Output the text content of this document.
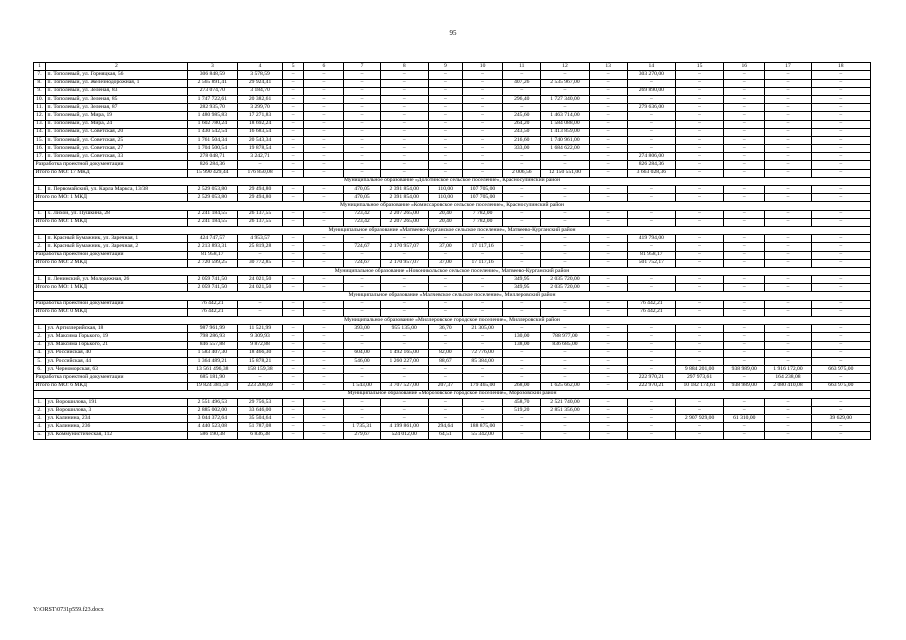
95
1	2	3	4	5	6	7	8	9	10	11	12	13	14	15	16	17	18
7.	п. Тополевый, ул. Горняцкая, 56	306 848,59	3 578,59	–	–	–	–	–	–	–	–	–	303 270,00	–	–	–	–
8.	п. Тополевый, ул. Железнодорожная, 1	2 565 891,41	29 924,41	–	–	–	–	–	–	407,26	2 535 967,00	–	–	–	–	–	–
9.	п. Тополевый, ул. Зеленая, 83	273 074,70	3 184,70	–	–	–	–	–	–	–	–	–	269 890,00	–	–	–	–
10.	п. Тополевый, ул. Зеленая, 85	1 747 722,61	20 382,61	–	–	–	–	–	–	296,40	1 727 340,00	–	–	–	–	–	–
11.	п. Тополевый, ул. Зеленая, 87	282 935,70	3 299,70	–	–	–	–	–	–	–	–	–	279 636,00	–	–	–	–
12.	п. Тополевый, ул. Мира, 19	1 480 985,83	17 271,83	–	–	–	–	–	–	245,60	1 463 714,00	–	–	–	–	–	–
13.	п. Тополевый, ул. Мира, 24	1 602 780,24	18 692,24	–	–	–	–	–	–	264,20	1 584 088,00	–	–	–	–	–	–
14.	п. Тополевый, ул. Советская, 20	1 430 542,54	16 683,54	–	–	–	–	–	–	243,50	1 413 859,00	–	–	–	–	–	–
15.	п. Тополевый, ул. Советская, 25	1 761 504,34	20 543,34	–	–	–	–	–	–	216,60	1 740 961,00	–	–	–	–	–	–
16.	п. Тополевый, ул. Советская, 27	1 704 500,54	19 878,54	–	–	–	–	–	–	333,00	1 684 622,00	–	–	–	–	–	–
17.	п. Тополевый, ул. Советская, 33	278 048,71	3 242,71	–	–	–	–	–	–	–	–	–	274 806,00	–	–	–	–
Разработка проектной документации		826 284,36	–	–	–	–	–	–	–	–	–	–	826 284,36	–	–	–	–
Итого по МО: 17 МКД		15 990 429,44	176 850,08	–	–	–	–	–	–	2 006,56	12 150 551,00	–	3 663 028,36	–	–	–	–
Муниципальное образование «Долотинское сельское поселение», Красносулинский район																	
1.	п. Первомайский, ул. Карла Маркса, 13/38	2 529 053,80	29 494,80	–	–	470,05	2 391 854,00	110,00	107 705,00	–	–	–	–	–	–	–	–
Итого по МО: 1 МКД		2 529 053,80	29 494,80	–	–	470,05	2 391 854,00	110,00	107 705,00	–	–	–	–	–	–	–	–
Муниципальное образование «Комиссаровское сельское поселение», Красносулинский район																	
1.	х. Лихой, ул. Пушкина, 28	2 241 184,55	26 137,55	–	–	723,42	2 207 265,00	20,40	7 782,00	–	–	–	–	–	–	–	–
Итого по МО: 1 МКД		2 241 184,55	26 137,55	–	–	723,42	2 207 265,00	20,40	7 782,00	–	–	–	–	–	–	–	–
Муниципальное образование «Матвеево-Курганское сельское поселение», Матвеево-Курганский район																	
1.	п. Красный Бумажник, ул. Заречная, 1	424 747,57	4 953,57	–	–	–	–	–	–	–	–	–	419 794,00	–	–	–	–
2.	п. Красный Бумажник, ул. Заречная, 2	2 213 893,31	25 819,28	–	–	724,67	2 170 957,07	37,00	17 117,16	–	–	–	–	–	–	–	–
Разработка проектной документации		81 958,17	–	–	–	–	–	–	–	–	–	–	81 958,17	–	–	–	–
Итого по МО: 2 МКД		2 720 599,25	30 772,85	–	–	724,67	2 170 957,07	37,00	17 117,16	–	–	–	501 752,17	–	–	–	–
Муниципальное образование «Новоникольское сельское поселение», Матвеево-Курганский район																	
1.	п. Ленинский, ул. Молодежная, 26	2 059 741,50	24 021,50	–	–	–	–	–	–	349,95	2 035 720,00	–	–	–	–	–	–
Итого по МО: 1 МКД		2 059 741,50	24 021,50	–	–	–	–	–	–	349,95	2 035 720,00	–	–	–	–	–	–
Муниципальное образование «Малчевское сельское поселение», Миллеровский район																	
Разработка проектной документации		76 442,21	–	–	–	–	–	–	–	–	–	–	76 442,21	–	–	–	–
Итого по МО: 0 МКД		76 442,21	–	–	–	–	–	–	–	–	–	–	76 442,21	–	–	–	–
Муниципальное образование «Миллеровское городское поселение», Миллеровский район																	
1.	ул. Артиллерийская, 18	987 961,99	11 521,99	–	–	393,00	955 135,00	36,70	21 305,00	–	–	–	–	–	–	–	–
2.	ул. Максима Горького, 19	798 286,93	9 309,93	–	–	–	–	–	–	130,00	788 977,00	–	–	–	–	–	–
3.	ул. Максима Горького, 21	846 557,88	9 872,88	–	–	–	–	–	–	138,00	836 685,00	–	–	–	–	–	–
4.	ул. Российская, 40	1 583 407,30	18 466,30	–	–	604,00	1 492 165,00	82,00	72 776,00	–	–	–	–	–	–	–	–
5.	ул. Российская, 44	1 364 489,21	15 878,21	–	–	546,00	1 260 227,00	88,67	85 384,00	–	–	–	–	–	–	–	–
6.	ул. Черноморская, 63	13 561 496,38	158 159,38	–	–	–	–	–	–	–	–	–	–	9 884 201,00	938 989,00	1 916 172,00	663 975,00
Разработка проектной документации		685 181,90	–	–	–	–	–	–	–	–	–	–	222 970,21	297 973,61	–	164 238,08	–
Итого по МО: 6 МКД		19 824 381,59	223 208,69	–	–	1 543,00	3 707 527,00	207,37	179 465,00	268,00	1 625 662,00	–	222 970,21	10 182 174,61	938 989,00	2 080 410,08	663 975,00
Муниципальное образование «Морозовское городское поселение», Морозовский район																	
1.	ул. Ворошилова, 191	2 551 496,53	29 756,53	–	–	–	–	–	–	458,70	2 521 740,00	–	–	–	–	–	–
2.	ул. Ворошилова, 3	2 885 002,00	33 646,00	–	–	–	–	–	–	519,20	2 851 356,00	–	–	–	–	–	–
3.	ул. Калинина, 234	3 044 372,64	35 504,64	–	–	–	–	–	–	–	–	–	–	2 907 929,00	61 310,00	–	39 629,00
4.	ул. Калинина, 236	4 440 523,08	51 787,08	–	–	1 735,31	4 199 861,00	294,64	188 875,00	–	–	–	–	–	–	–	–
5.	ул. Коммунистическая, 112	586 190,38	6 836,38	–	–	279,67	524 012,00	64,51	55 342,00	–	–	–	–	–	–	–	–
Y:\ORST\0731p559.f23.docx
